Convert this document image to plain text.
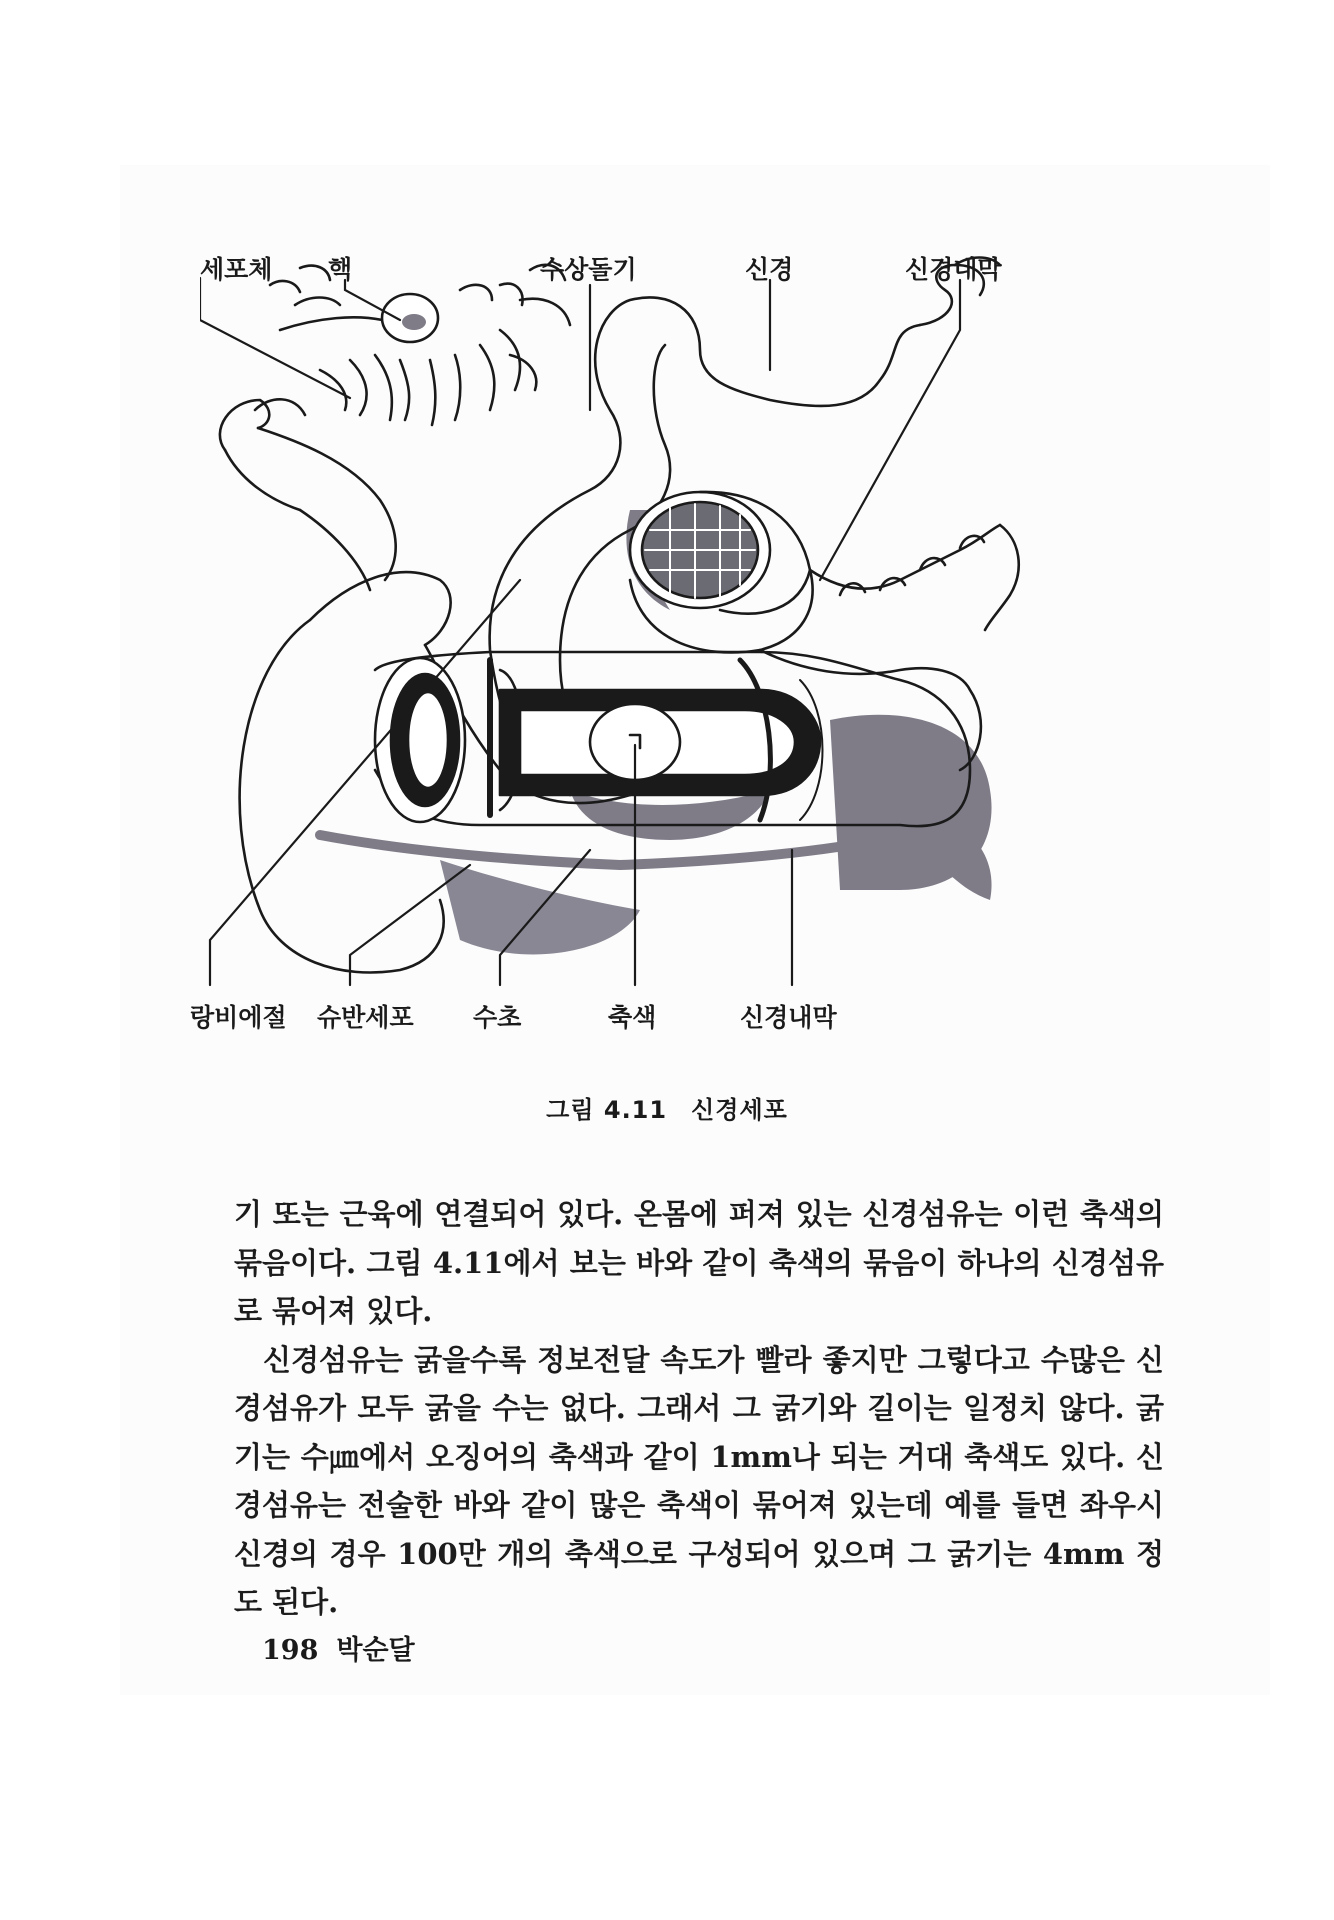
세포체 핵	수상돌기	신경	신경내막
랑비에절 슈반세포 수초	축색	신경내막
그림 4.11 신경세포

기 또는 근육에 연결되어 있다. 온몸에 퍼져 있는 신경섬유는 이런 축색의 묶음이다. 그림 4.11에서 보는 바와 같이 축색의 묶음이 하나의 신경섬유로 묶어져 있다.

신경섬유는 굵을수록 정보전달 속도가 빨라 좋지만 그렇다고 수많은 신경섬유가 모두 굵을 수는 없다. 그래서 그 굵기와 길이는 일정치 않다. 굵기는 수㎛에서 오징어의 축색과 같이 1mm나 되는 거대 축색도 있다. 신경섬유는 전술한 바와 같이 많은 축색이 묶어져 있는데 예를 들면 좌우시신경의 경우 100만 개의 축색으로 구성되어 있으며 그 굵기는 4mm 정도 된다.

198 박순달
